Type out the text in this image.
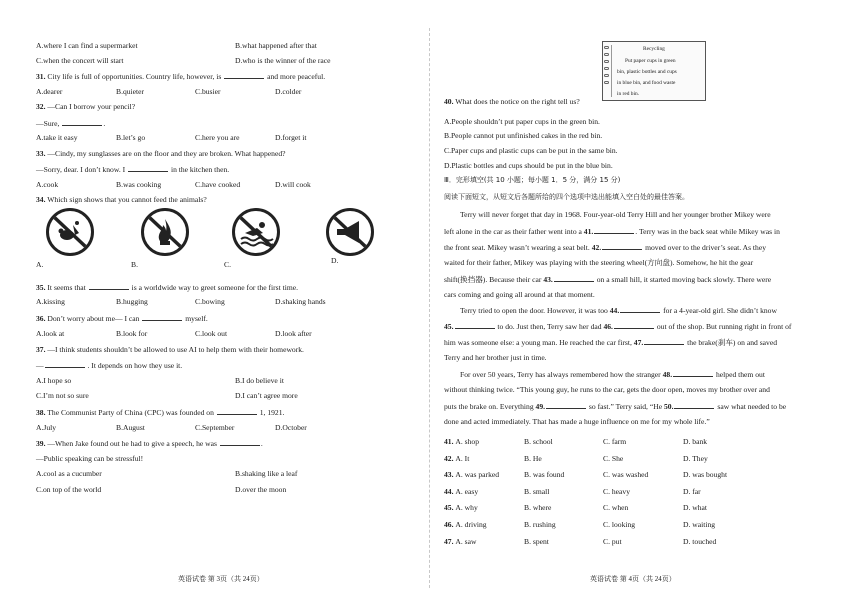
A.where I can find a supermarket	B.what happened after that
C.when the concert will start	D.who is the winner of the race
31. City life is full of opportunities. Country life, however, is	and more peaceful.
A.dearer	B.quieter	C.busier	D.colder
32. —Can I borrow your pencil?
—Sure,	.
A.take it easy	B.let’s go	C.here you are	D.forget it
33. —Cindy, my sunglasses are on the floor and they are broken. What happened?
—Sorry, dear. I don’t know. I	in the kitchen then.
A.cook	B.was cooking	C.have cooked	D.will cook
34. Which sign shows that you cannot feed the animals?
A.	B.	C.	D.
35. It seems that	is a worldwide way to greet someone for the first time.
A.kissing	B.hugging	C.bowing	D.shaking hands
36. Don’t worry about me— I can	myself.
A.look at	B.look for	C.look out	D.look after
37. —I think students shouldn’t be allowed to use AI to help them with their homework.
—	. It depends on how they use it.
A.I hope so	B.I do believe it
C.I’m not so sure	D.I can’t agree more
38. The Communist Party of China (CPC) was founded on	1, 1921.
A.July	B.August	C.September	D.October
39. —When Jake found out he had to give a speech, he was	.
—Public speaking can be stressful!
A.cool as a cucumber	B.shaking like a leaf
C.on top of the world	D.over the moon
英语试卷 第 3页（共 24页）
Recycling
Put paper cups in green
bin, plastic bottles and cups
in blue bin, and food waste
in red bin.
40. What does the notice on the right tell us?
A.People shouldn’t put paper cups in the green bin.
B.People cannot put unfinished cakes in the red bin.
C.Paper cups and plastic cups can be put in the same bin.
D.Plastic bottles and cups should be put in the blue bin.
Ⅲ．完形填空(共 10 小题；每小题 1．5 分，满分 15 分)
阅读下面短文，从短文后各题所给的四个选项中选出能填入空白处的最佳答案。
Terry will never forget that day in 1968. Four-year-old Terry Hill and her younger brother Mikey were
left alone in the car as their father went into a 41.	. Terry was in the back seat while Mikey was in
the front seat. Mikey wasn’t wearing a seat belt. 42.	moved over to the driver’s seat. As they
waited for their father, Mikey was playing with the steering wheel(方向盘). Somehow, he hit the gear
shift(换挡器). Because their car 43.	on a small hill, it started moving back slowly. There were
cars coming and going all around at that moment.
Terry tried to open the door. However, it was too 44.	for a 4-year-old girl. She didn’t know
45.	to do. Just then, Terry saw her dad 46.	out of the shop. But running right in front of
him was someone else: a young man. He reached the car first, 47.	the brake(刹车) on and saved
Terry and her brother just in time.
For over 50 years, Terry has always remembered how the stranger 48.	helped them out
without thinking twice. “This young guy, he runs to the car, gets the door open, moves my brother over and
puts the brake on. Everything 49.	so fast.” Terry said, “He 50.	saw what needed to be
done and acted immediately. That has made a huge influence on me for my whole life.”
41. A. shop	B. school	C. farm	D. bank
42. A. It	B. He	C. She	D. They
43. A. was parked	B. was found	C. was washed	D. was bought
44. A. easy	B. small	C. heavy	D. far
45. A. why	B. where	C. when	D. what
46. A. driving	B. rushing	C. looking	D. waiting
47. A. saw	B. spent	C. put	D. touched
英语试卷 第 4页（共 24页）
